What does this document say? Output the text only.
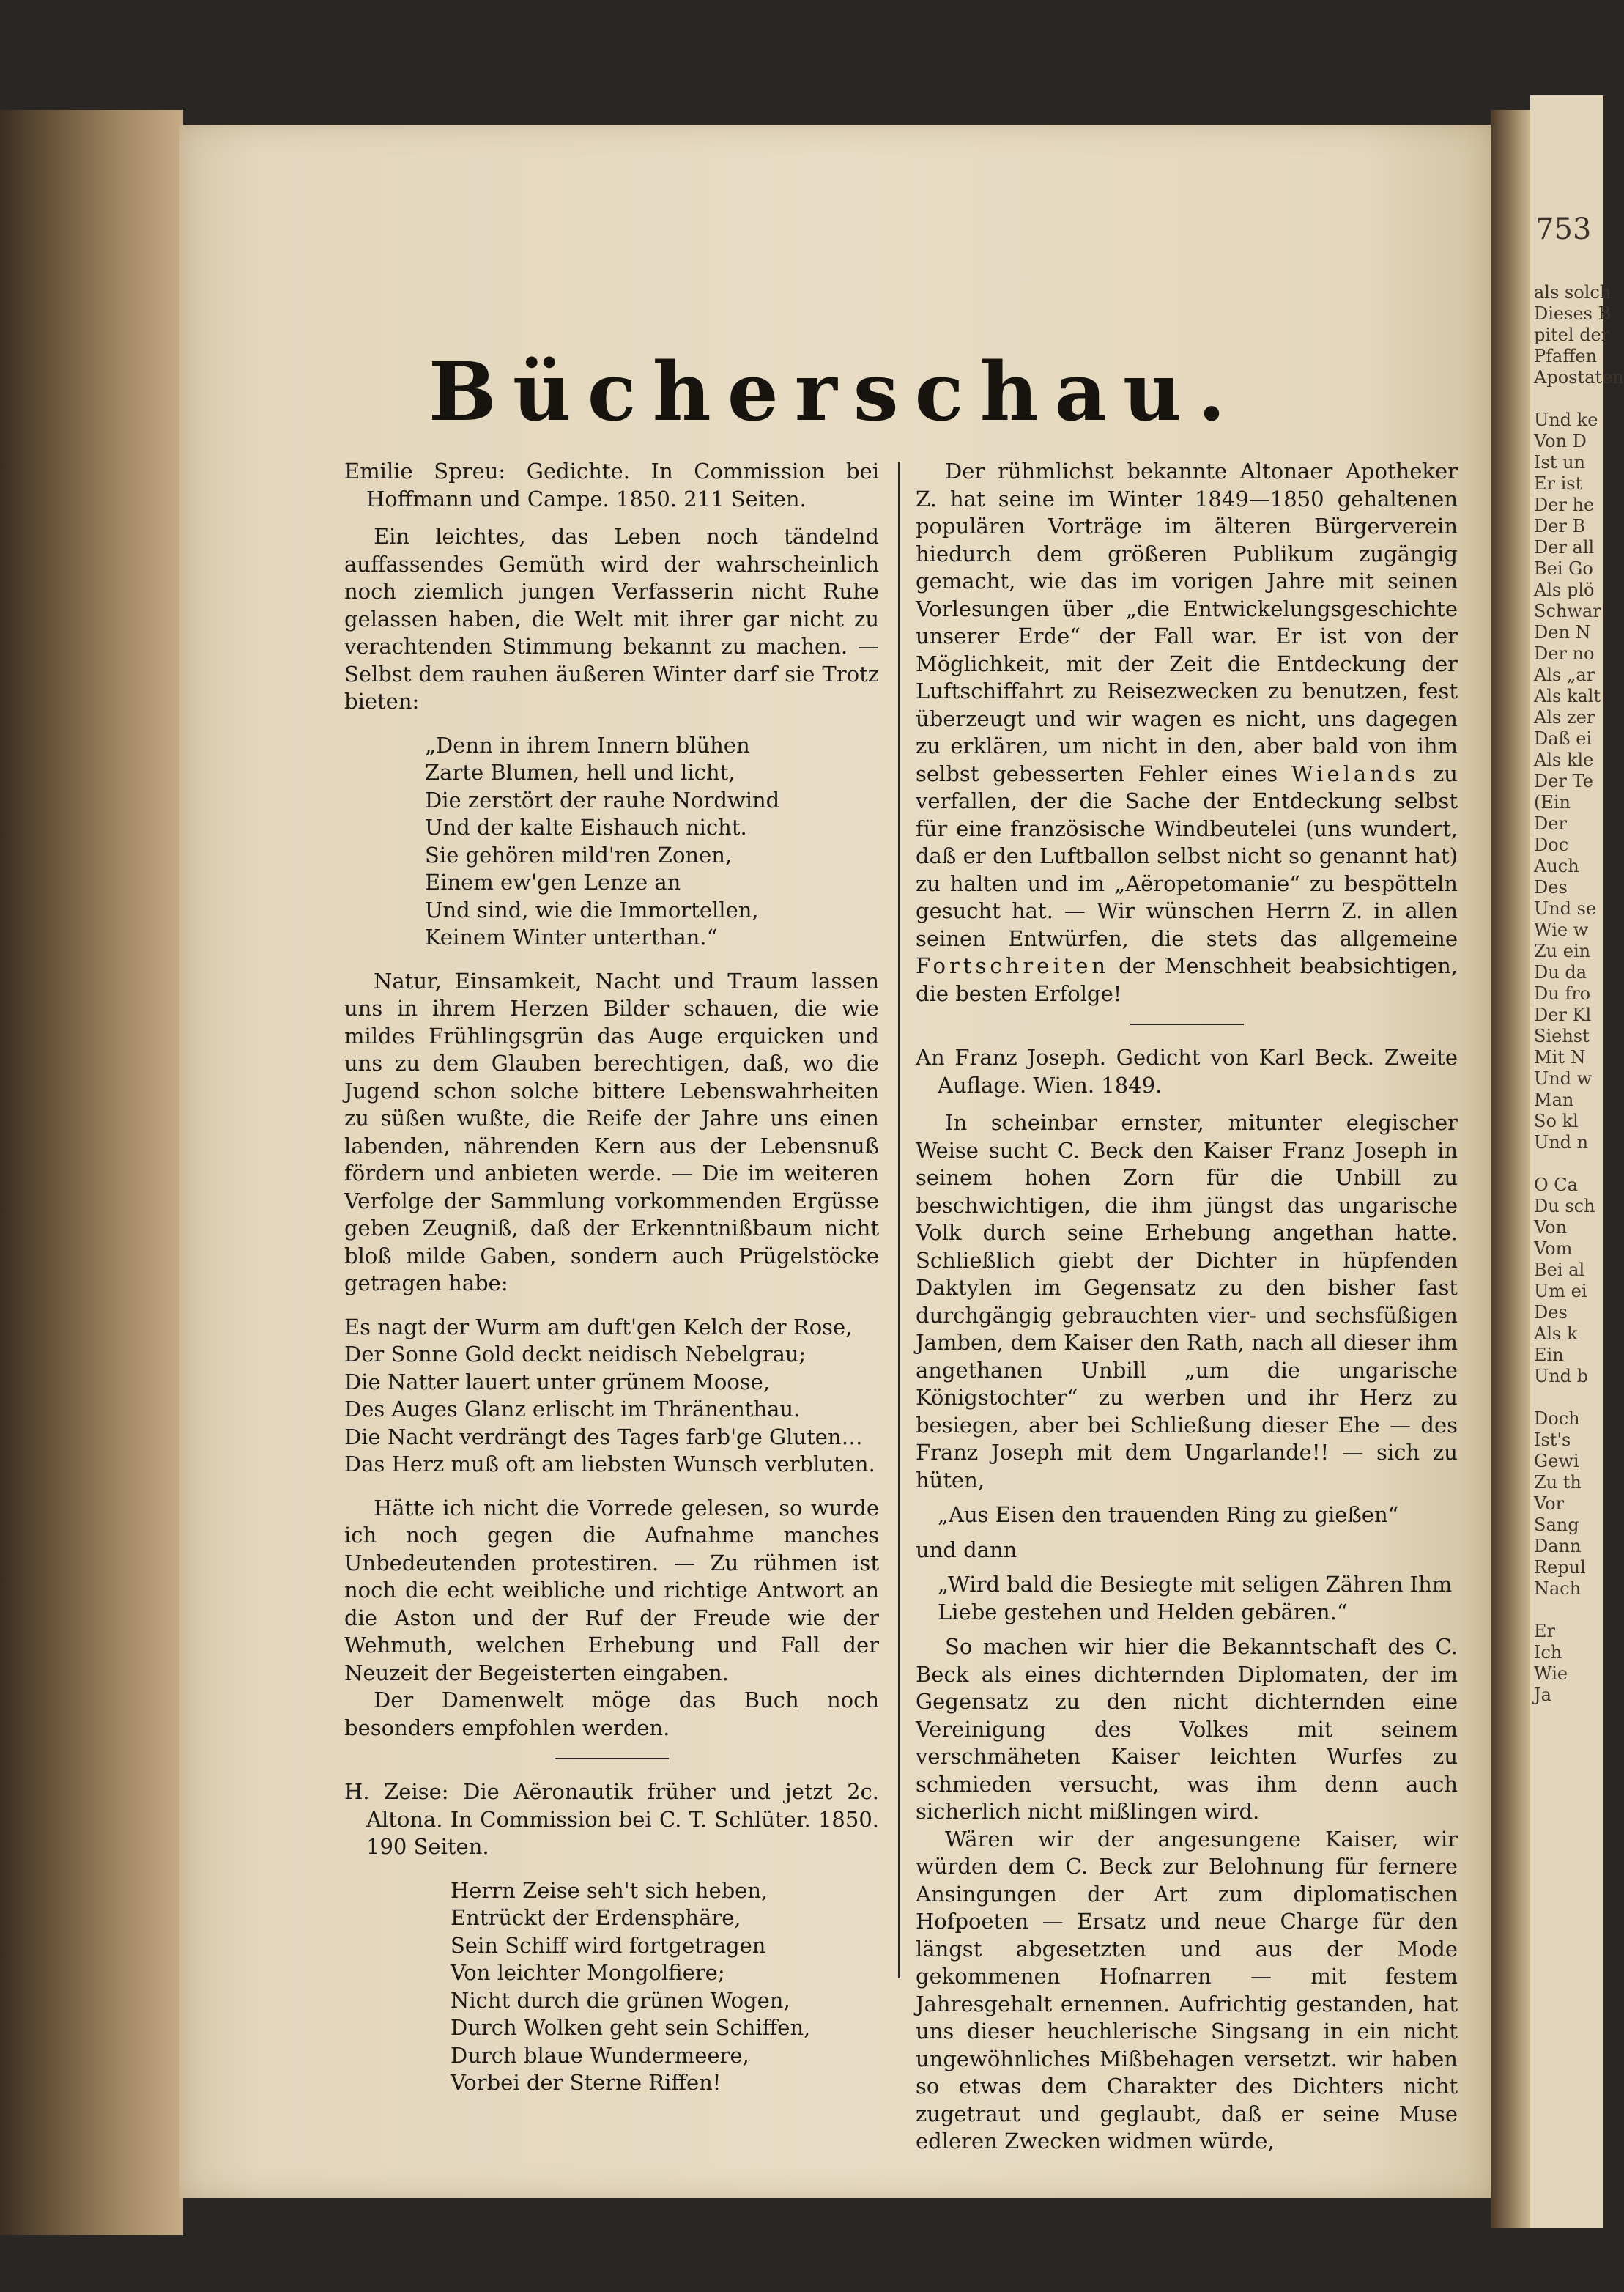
753
als solch
Dieses B
pitel der
Pfaffen
Apostaten

Und ke
Von D
Ist un
Er ist
Der he
Der B
Der all
Bei Go
Als plö
Schwar
Den N
Der no
Als „ar
Als kalt
Als zer
Daß ei
Als kle
Der Te
(Ein
Der
Doc
Auch
Des
Und se
Wie w
Zu ein
Du da
Du fro
Der Kl
Siehst
Mit N
Und w
Man
So kl
Und n

O Ca
Du sch
Von
Vom
Bei al
Um ei
Des
Als k
Ein
Und b

Doch
Ist's
Gewi
Zu th
Vor
Sang
Dann
Repul
Nach

Er
Ich
Wie
Ja
Bücherschau.

Emilie Spreu: Gedichte. In Commission bei Hoffmann und Campe. 1850. 211 Seiten.

Ein leichtes, das Leben noch tändelnd auffassendes Gemüth wird der wahrscheinlich noch ziemlich jungen Verfasserin nicht Ruhe gelassen haben, die Welt mit ihrer gar nicht zu verachtenden Stimmung bekannt zu machen. — Selbst dem rauhen äußeren Winter darf sie Trotz bieten:

„Denn in ihrem Innern blühen
Zarte Blumen, hell und licht,
Die zerstört der rauhe Nordwind
Und der kalte Eishauch nicht.
Sie gehören mild'ren Zonen,
Einem ew'gen Lenze an
Und sind, wie die Immortellen,
Keinem Winter unterthan.“

Natur, Einsamkeit, Nacht und Traum lassen uns in ihrem Herzen Bilder schauen, die wie mildes Frühlingsgrün das Auge erquicken und uns zu dem Glauben berechtigen, daß, wo die Jugend schon solche bittere Lebenswahrheiten zu süßen wußte, die Reife der Jahre uns einen labenden, nährenden Kern aus der Lebensnuß fördern und anbieten werde. — Die im weiteren Verfolge der Sammlung vorkommenden Ergüsse geben Zeugniß, daß der Erkenntnißbaum nicht bloß milde Gaben, sondern auch Prügelstöcke getragen habe:

Es nagt der Wurm am duft'gen Kelch der Rose,
Der Sonne Gold deckt neidisch Nebelgrau;
Die Natter lauert unter grünem Moose,
Des Auges Glanz erlischt im Thränenthau.
Die Nacht verdrängt des Tages farb'ge Gluten…
Das Herz muß oft am liebsten Wunsch verbluten.

Hätte ich nicht die Vorrede gelesen, so wurde ich noch gegen die Aufnahme manches Unbedeutenden protestiren. — Zu rühmen ist noch die echt weibliche und richtige Antwort an die Aston und der Ruf der Freude wie der Wehmuth, welchen Erhebung und Fall der Neuzeit der Begeisterten eingaben.

Der Damenwelt möge das Buch noch besonders empfohlen werden.

H. Zeise: Die Aëronautik früher und jetzt 2c. Altona. In Commission bei C. T. Schlüter. 1850. 190 Seiten.

Herrn Zeise seh't sich heben,
Entrückt der Erdensphäre,
Sein Schiff wird fortgetragen
Von leichter Mongolfiere;
Nicht durch die grünen Wogen,
Durch Wolken geht sein Schiffen,
Durch blaue Wundermeere,
Vorbei der Sterne Riffen!

Der rühmlichst bekannte Altonaer Apotheker Z. hat seine im Winter 1849—1850 gehaltenen populären Vorträge im älteren Bürgerverein hiedurch dem größeren Publikum zugängig gemacht, wie das im vorigen Jahre mit seinen Vorlesungen über „die Entwickelungsgeschichte unserer Erde“ der Fall war. Er ist von der Möglichkeit, mit der Zeit die Entdeckung der Luftschiffahrt zu Reisezwecken zu benutzen, fest überzeugt und wir wagen es nicht, uns dagegen zu erklären, um nicht in den, aber bald von ihm selbst gebesserten Fehler eines Wielands zu verfallen, der die Sache der Entdeckung selbst für eine französische Windbeutelei (uns wundert, daß er den Luftballon selbst nicht so genannt hat) zu halten und im „Aëropetomanie“ zu bespötteln gesucht hat. — Wir wünschen Herrn Z. in allen seinen Entwürfen, die stets das allgemeine Fortschreiten der Menschheit beabsichtigen, die besten Erfolge!

An Franz Joseph. Gedicht von Karl Beck. Zweite Auflage. Wien. 1849.

In scheinbar ernster, mitunter elegischer Weise sucht C. Beck den Kaiser Franz Joseph in seinem hohen Zorn für die Unbill zu beschwichtigen, die ihm jüngst das ungarische Volk durch seine Erhebung angethan hatte. Schließlich giebt der Dichter in hüpfenden Daktylen im Gegensatz zu den bisher fast durchgängig gebrauchten vier- und sechsfüßigen Jamben, dem Kaiser den Rath, nach all dieser ihm angethanen Unbill „um die ungarische Königstochter“ zu werben und ihr Herz zu besiegen, aber bei Schließung dieser Ehe — des Franz Joseph mit dem Ungarlande!! — sich zu hüten,

„Aus Eisen den trauenden Ring zu gießen“

und dann

„Wird bald die Besiegte mit seligen Zähren Ihm Liebe gestehen und Helden gebären.“

So machen wir hier die Bekanntschaft des C. Beck als eines dichternden Diplomaten, der im Gegensatz zu den nicht dichternden eine Vereinigung des Volkes mit seinem verschmäheten Kaiser leichten Wurfes zu schmieden versucht, was ihm denn auch sicherlich nicht mißlingen wird.

Wären wir der angesungene Kaiser, wir würden dem C. Beck zur Belohnung für fernere Ansingungen der Art zum diplomatischen Hofpoeten — Ersatz und neue Charge für den längst abgesetzten und aus der Mode gekommenen Hofnarren — mit festem Jahresgehalt ernennen. Aufrichtig gestanden, hat uns dieser heuchlerische Singsang in ein nicht ungewöhnliches Mißbehagen versetzt. wir haben so etwas dem Charakter des Dichters nicht zugetraut und geglaubt, daß er seine Muse edleren Zwecken widmen würde,
